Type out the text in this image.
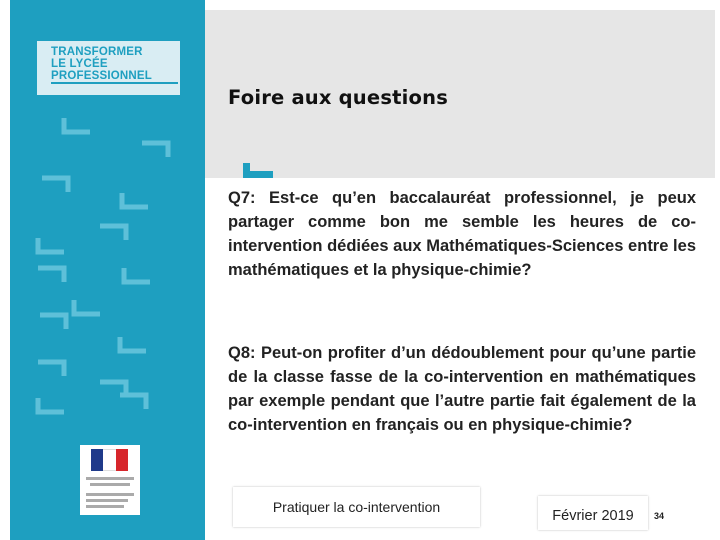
TRANSFORMER
LE LYCÉE
PROFESSIONNEL
Foire aux questions
Q7: Est-ce qu’en baccalauréat professionnel, je peux partager comme bon me semble les heures de co-intervention dédiées aux Mathématiques-Sciences entre les mathématiques et la physique-chimie?
Q8: Peut-on profiter d’un dédoublement pour qu’une partie de la classe fasse de la co-intervention en mathématiques par exemple pendant que l’autre partie fait également de la co-intervention en français ou en physique-chimie?
Pratiquer la co-intervention
Février 2019	34
